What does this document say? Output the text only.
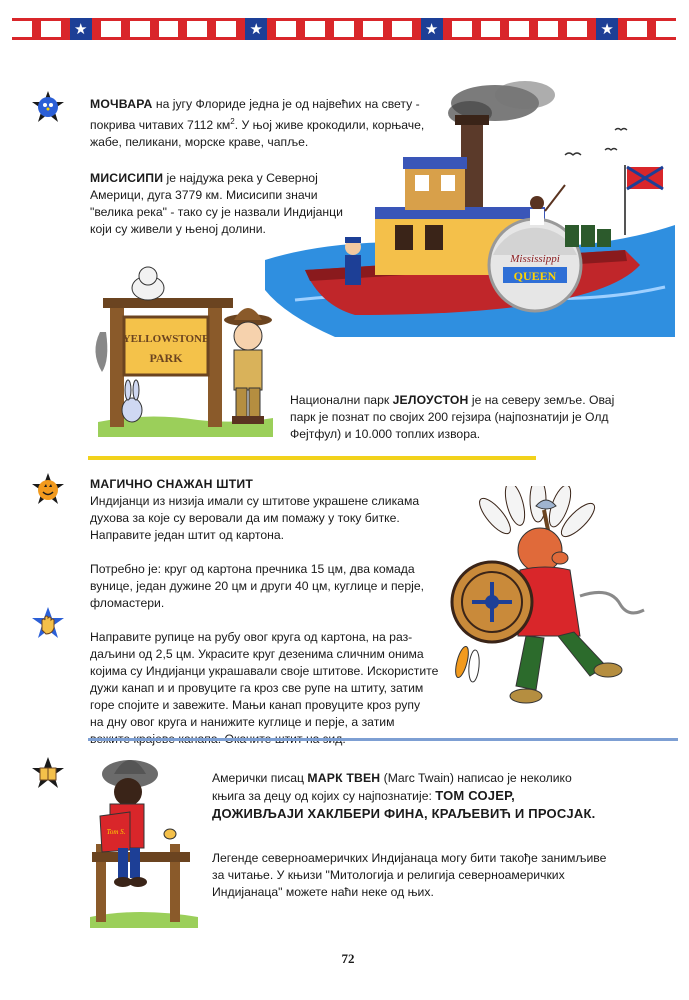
★	★	★	★
МОЧВАРА на југу Флориде једна је од највећих на свету -
покрива читавих 7112 $км^2$. У њој живе крокодили, корњаче,
жабе, пеликани, морске краве, чапље.
МИСИСИПИ је најдужа река у Северној
Америци, дуга 3779 км. Мисисипи значи
"велика река" - тако су је назвали Индијанци
који су живели у њеној долини.
Mississippi
QUEEN
YELLOWSTONE
PARK
Национални парк ЈЕЛОУСТОН је на северу земље. Овај
парк је познат по својих 200 гејзира (најпознатији је Олд
Фејтфул) и 10.000 топлих извора.
МАГИЧНО СНАЖАН ШТИТ
Индијанци из низија имали су штитове украшене сликама
духова за које су веровали да им помажу у току битке.
Направите један штит од картона.
Потребно је: круг од картона пречника 15 цм, два комада
вунице, један дужине 20 цм и други 40 цм, куглице и перје,
фломастери.
Направите рупице на рубу овог круга од картона, на раз-
даљини од 2,5 цм. Украсите круг дезенима сличним онима
којима су Индијанци украшавали своје штитове. Искористите
дужи канап и и провуците га кроз све рупе на штиту, затим
горе спојите и завежите. Мањи канап провуците кроз рупу
на дну овог круга и нанижите куглице и перје, а затим
Tom S.
Амерички писац МАРК ТВЕН (Marc Twain) написао је неколико
књига за децу од којих су најпознатије: ТОМ СОЈЕР,
ДОЖИВЉАЈИ ХАКЛБЕРИ ФИНА, КРАЉЕВИЋ И ПРОСЈАК.
Легенде северноамеричких Индијанаца могу бити такође занимљиве
за читање. У књизи "Митологија и религија северноамеричких
Индијанаца" можете наћи неке од њих.
72
